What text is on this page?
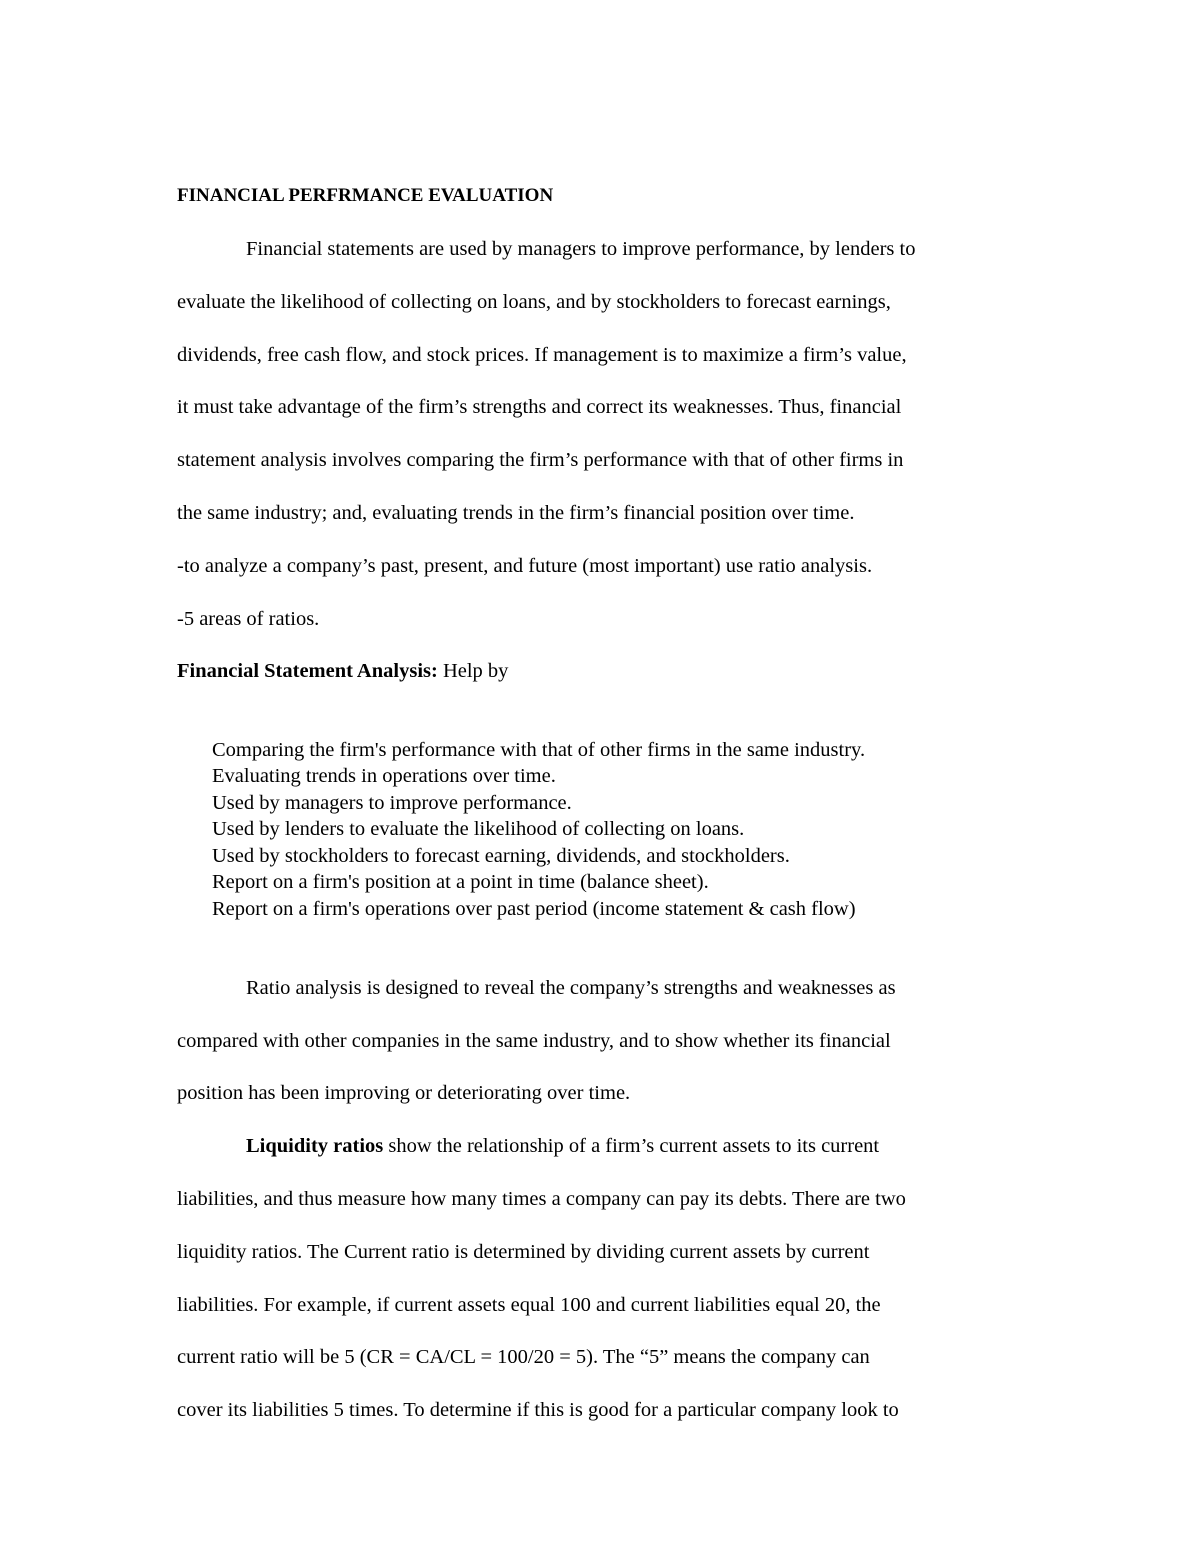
FINANCIAL PERFRMANCE EVALUATION
Financial statements are used by managers to improve performance, by lenders to
evaluate the likelihood of collecting on loans, and by stockholders to forecast earnings,
dividends, free cash flow, and stock prices. If management is to maximize a firm’s value,
it must take advantage of the firm’s strengths and correct its weaknesses. Thus, financial
statement analysis involves comparing the firm’s performance with that of other firms in
the same industry; and, evaluating trends in the firm’s financial position over time.
-to analyze a company’s past, present, and future (most important) use ratio analysis.
-5 areas of ratios.
Financial Statement Analysis: Help by
Comparing the firm's performance with that of other firms in the same industry.
Evaluating trends in operations over time.
Used by managers to improve performance.
Used by lenders to evaluate the likelihood of collecting on loans.
Used by stockholders to forecast earning, dividends, and stockholders.
Report on a firm's position at a point in time (balance sheet).
Report on a firm's operations over past period (income statement & cash flow)
Ratio analysis is designed to reveal the company’s strengths and weaknesses as
compared with other companies in the same industry, and to show whether its financial
position has been improving or deteriorating over time.
Liquidity ratios show the relationship of a firm’s current assets to its current
liabilities, and thus measure how many times a company can pay its debts. There are two
liquidity ratios. The Current ratio is determined by dividing current assets by current
liabilities. For example, if current assets equal 100 and current liabilities equal 20, the
current ratio will be 5 (CR = CA/CL = 100/20 = 5). The “5” means the company can
cover its liabilities 5 times. To determine if this is good for a particular company look to
